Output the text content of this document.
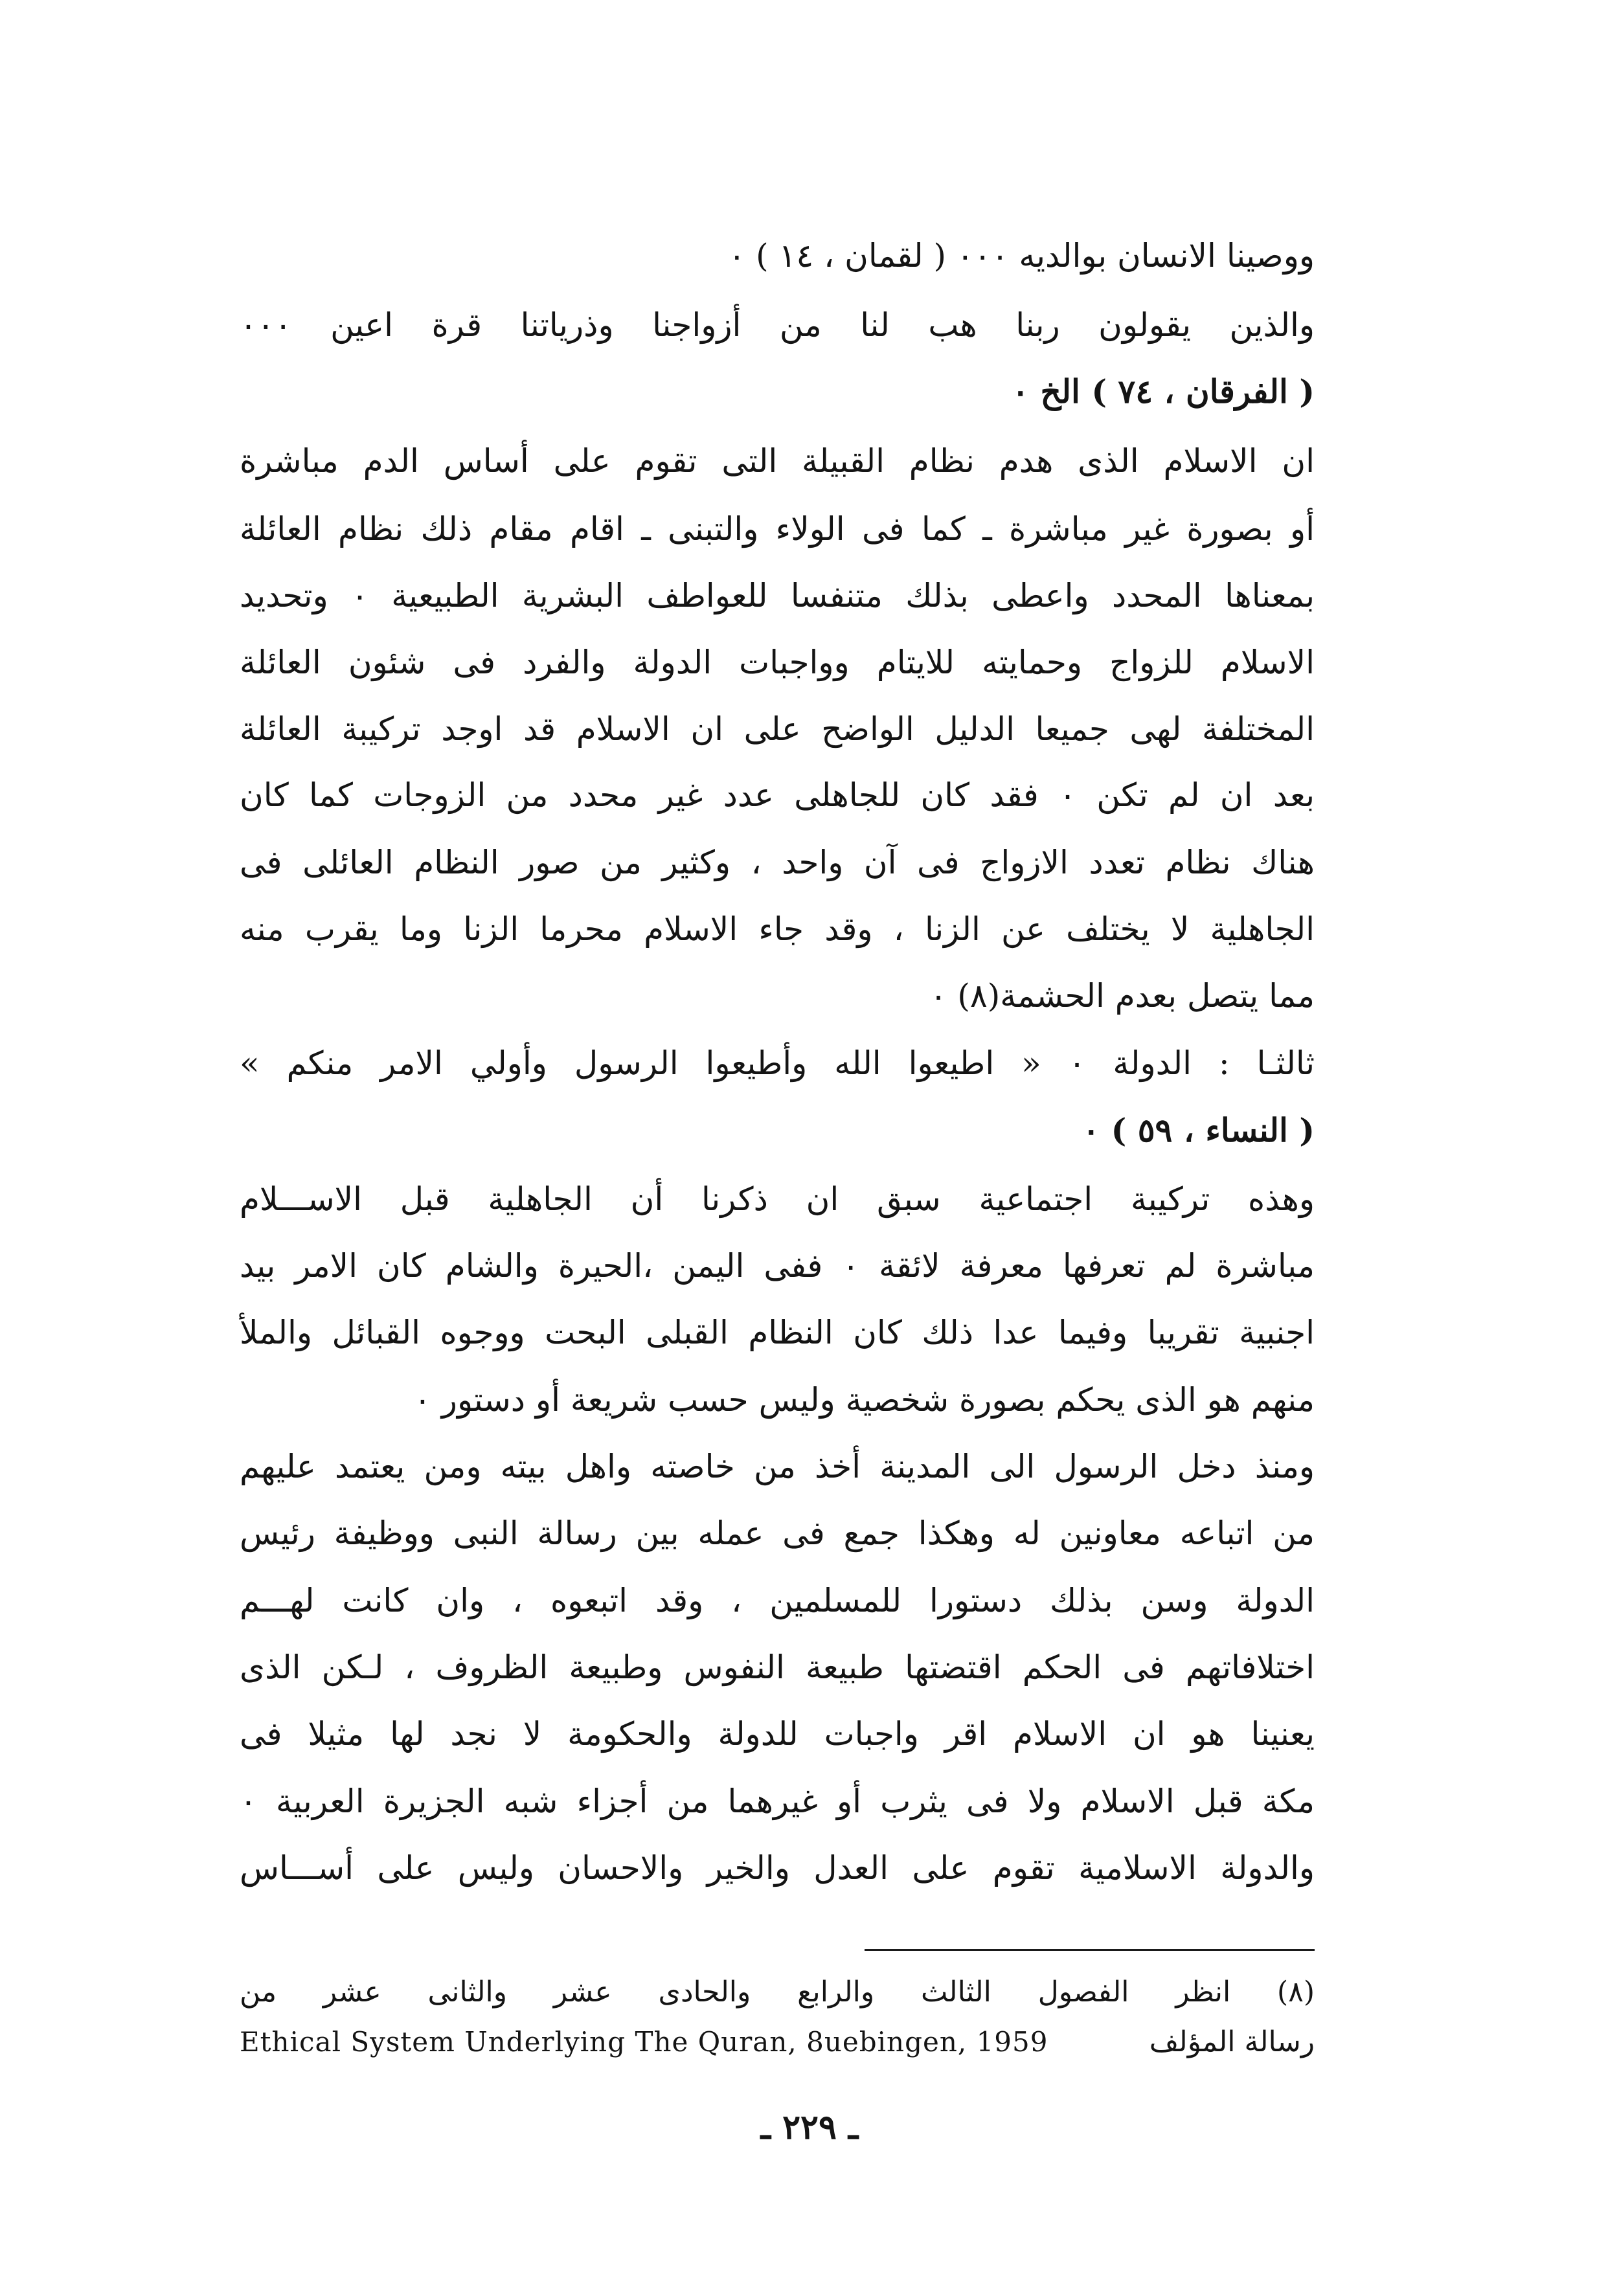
ووصينا الانسان بوالديه ٠٠٠ ( لقمان ، ١٤ ) ٠
والذين يقولون ربنا هب لنا من أزواجنا وذرياتنا قرة اعين ٠٠٠
( الفرقان ، ٧٤ ) الخ ٠
ان الاسلام الذى هدم نظام القبيلة التى تقوم على أساس الدم مباشرة
أو بصورة غير مباشرة ـ كما فى الولاء والتبنى ـ اقام مقام ذلك نظام العائلة
بمعناها المحدد واعطى بذلك متنفسا للعواطف البشرية الطبيعية ٠ وتحديد
الاسلام للزواج وحمايته للايتام وواجبات الدولة والفرد فى شئون العائلة
المختلفة لهى جميعا الدليل الواضح على ان الاسلام قد اوجد تركيبة العائلة
بعد ان لم تكن ٠ فقد كان للجاهلى عدد غير محدد من الزوجات كما كان
هناك نظام تعدد الازواج فى آن واحد ، وكثير من صور النظام العائلى فى
الجاهلية لا يختلف عن الزنا ، وقد جاء الاسلام محرما الزنا وما يقرب منه
مما يتصل بعدم الحشمة(٨) ٠
ثالثـا : الدولة ٠ « اطيعوا الله وأطيعوا الرسول وأولي الامر منكم »
( النساء ، ٥٩ ) ٠
وهذه تركيبة اجتماعية سبق ان ذكرنا أن الجاهلية قبل الاســـلام
مباشرة لم تعرفها معرفة لائقة ٠ ففى اليمن ،الحيرة والشام كان الامر بيد
اجنبية تقريبا وفيما عدا ذلك كان النظام القبلى البحت ووجوه القبائل والملأ
منهم هو الذى يحكم بصورة شخصية وليس حسب شريعة أو دستور ٠
ومنذ دخل الرسول الى المدينة أخذ من خاصته واهل بيته ومن يعتمد عليهم
من اتباعه معاونين له وهكذا جمع فى عمله بين رسالة النبى ووظيفة رئيس
الدولة وسن بذلك دستورا للمسلمين ، وقد اتبعوه ، وان كانت لهـــم
اختلافاتهم فى الحكم اقتضتها طبيعة النفوس وطبيعة الظروف ، لـكن الذى
يعنينا هو ان الاسلام اقر واجبات للدولة والحكومة لا نجد لها مثيلا فى
مكة قبل الاسلام ولا فى يثرب أو غيرهما من أجزاء شبه الجزيرة العربية ٠
والدولة الاسلامية تقوم على العدل والخير والاحسان وليس على أســـاس
(٨) انظر الفصول الثالث والرابع والحادى عشر والثانى عشر من
رسالة المؤلف
Ethical System Underlying The Quran, 8uebingen, 1959
ـ ٢٢٩ ـ
